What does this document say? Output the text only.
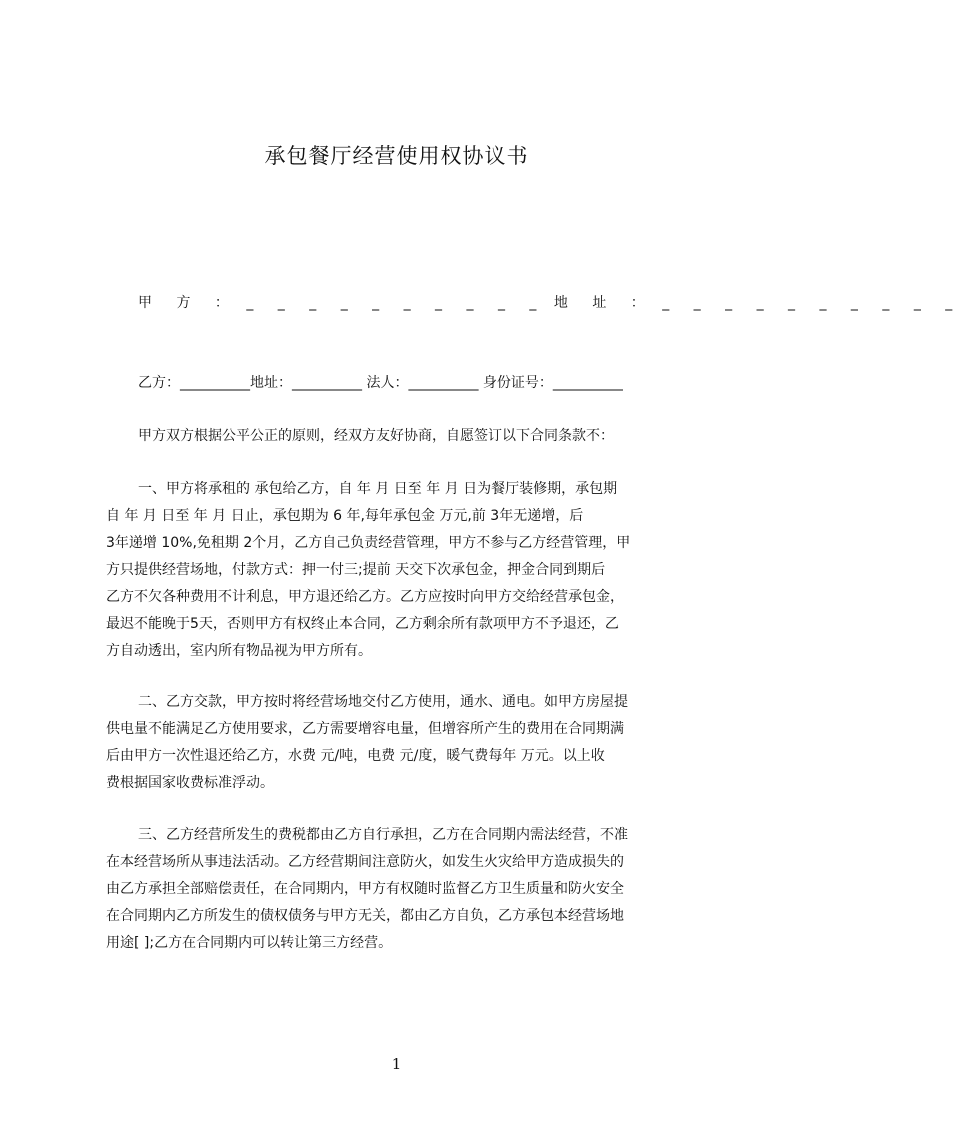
承包餐厅经营使用权协议书
甲 方 ： _ _ _ _ _ _ _ _ _ _ 地 址 ： _ _ _ _ _ _ _ _ _ _
乙方：__________地址：__________ 法人：__________ 身份证号：__________
甲方双方根据公平公正的原则，经双方友好协商，自愿签订以下合同条款不：
一、甲方将承租的 承包给乙方，自 年 月 日至 年 月 日为餐厅装修期，承包期
自 年 月 日至 年 月 日止，承包期为 6 年,每年承包金 万元,前 3年无递增，后
3年递增 10%,免租期 2个月，乙方自己负责经营管理，甲方不参与乙方经营管理，甲
方只提供经营场地，付款方式：押一付三;提前 天交下次承包金，押金合同到期后
乙方不欠各种费用不计利息，甲方退还给乙方。乙方应按时向甲方交给经营承包金，
最迟不能晚于5天，否则甲方有权终止本合同，乙方剩余所有款项甲方不予退还，乙
方自动透出，室内所有物品视为甲方所有。
二、乙方交款，甲方按时将经营场地交付乙方使用，通水、通电。如甲方房屋提
供电量不能满足乙方使用要求，乙方需要增容电量，但增容所产生的费用在合同期满
后由甲方一次性退还给乙方，水费 元/吨，电费 元/度，暖气费每年 万元。以上收
费根据国家收费标准浮动。
三、乙方经营所发生的费税都由乙方自行承担，乙方在合同期内需法经营，不准
在本经营场所从事违法活动。乙方经营期间注意防火，如发生火灾给甲方造成损失的
由乙方承担全部赔偿责任，在合同期内，甲方有权随时监督乙方卫生质量和防火安全
在合同期内乙方所发生的债权债务与甲方无关，都由乙方自负，乙方承包本经营场地
用途[ ];乙方在合同期内可以转让第三方经营。
1
